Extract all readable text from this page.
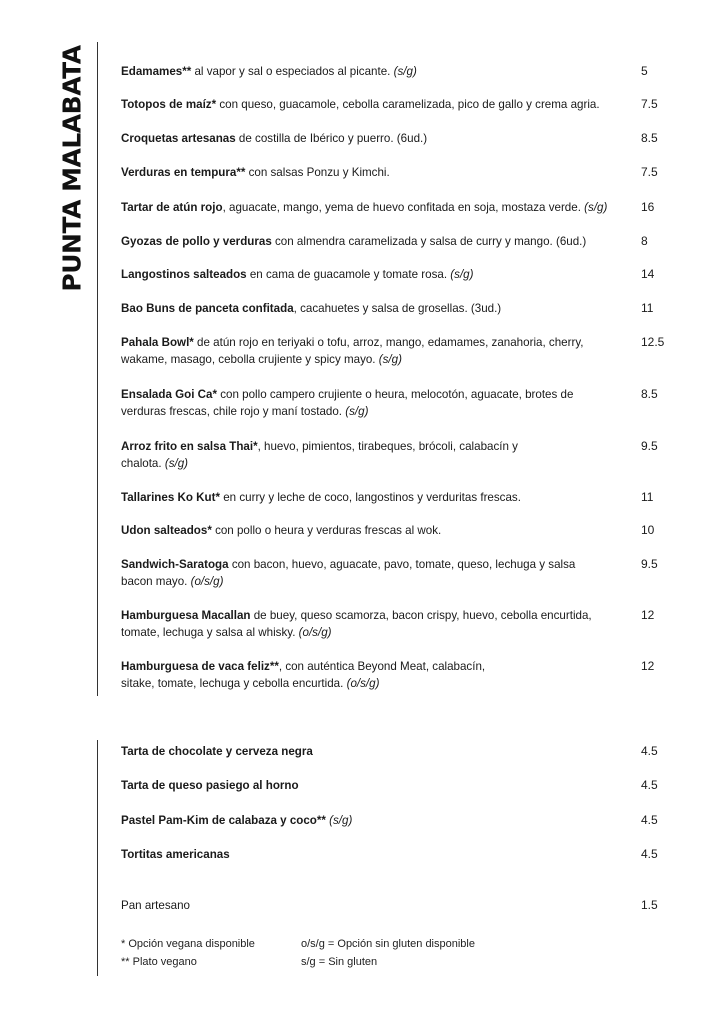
PUNTA MALABATA	Edamames** al vapor y sal o especiados al picante. (s/g)	5
Totopos de maíz* con queso, guacamole, cebolla caramelizada, pico de gallo y crema agria.	7.5
Croquetas artesanas de costilla de Ibérico y puerro. (6ud.)	8.5
Verduras en tempura** con salsas Ponzu y Kimchi.	7.5
Tartar de atún rojo, aguacate, mango, yema de huevo confitada en soja, mostaza verde. (s/g)	16
Gyozas de pollo y verduras con almendra caramelizada y salsa de curry y mango. (6ud.)	8
Langostinos salteados en cama de guacamole y tomate rosa. (s/g)	14
Bao Buns de panceta confitada, cacahuetes y salsa de grosellas. (3ud.)	11
Pahala Bowl* de atún rojo en teriyaki o tofu, arroz, mango, edamames, zanahoria, cherry, wakame, masago, cebolla crujiente y spicy mayo. (s/g)
12.5
Ensalada Goi Ca* con pollo campero crujiente o heura, melocotón, aguacate, brotes de verduras frescas, chile rojo y maní tostado. (s/g)
8.5
Arroz frito en salsa Thai*, huevo, pimientos, tirabeques, brócoli, calabacín y chalota. (s/g)
9.5
Tallarines Ko Kut* en curry y leche de coco, langostinos y verduritas frescas.	11
Udon salteados* con pollo o heura y verduras frescas al wok.	10
Sandwich-Saratoga con bacon, huevo, aguacate, pavo, tomate, queso, lechuga y salsa bacon mayo. (o/s/g)
9.5
Hamburguesa Macallan de buey, queso scamorza, bacon crispy, huevo, cebolla encurtida, tomate, lechuga y salsa al whisky. (o/s/g)
12
Hamburguesa de vaca feliz**, con auténtica Beyond Meat, calabacín, sitake, tomate, lechuga y cebolla encurtida. (o/s/g)
12
Tarta de chocolate y cerveza negra	4.5
Tarta de queso pasiego al horno	4.5
Pastel Pam-Kim de calabaza y coco** (s/g)	4.5
Tortitas americanas	4.5
Pan artesano	1.5
* Opción vegana disponible	o/s/g = Opción sin gluten disponible
** Plato vegano	s/g = Sin gluten
